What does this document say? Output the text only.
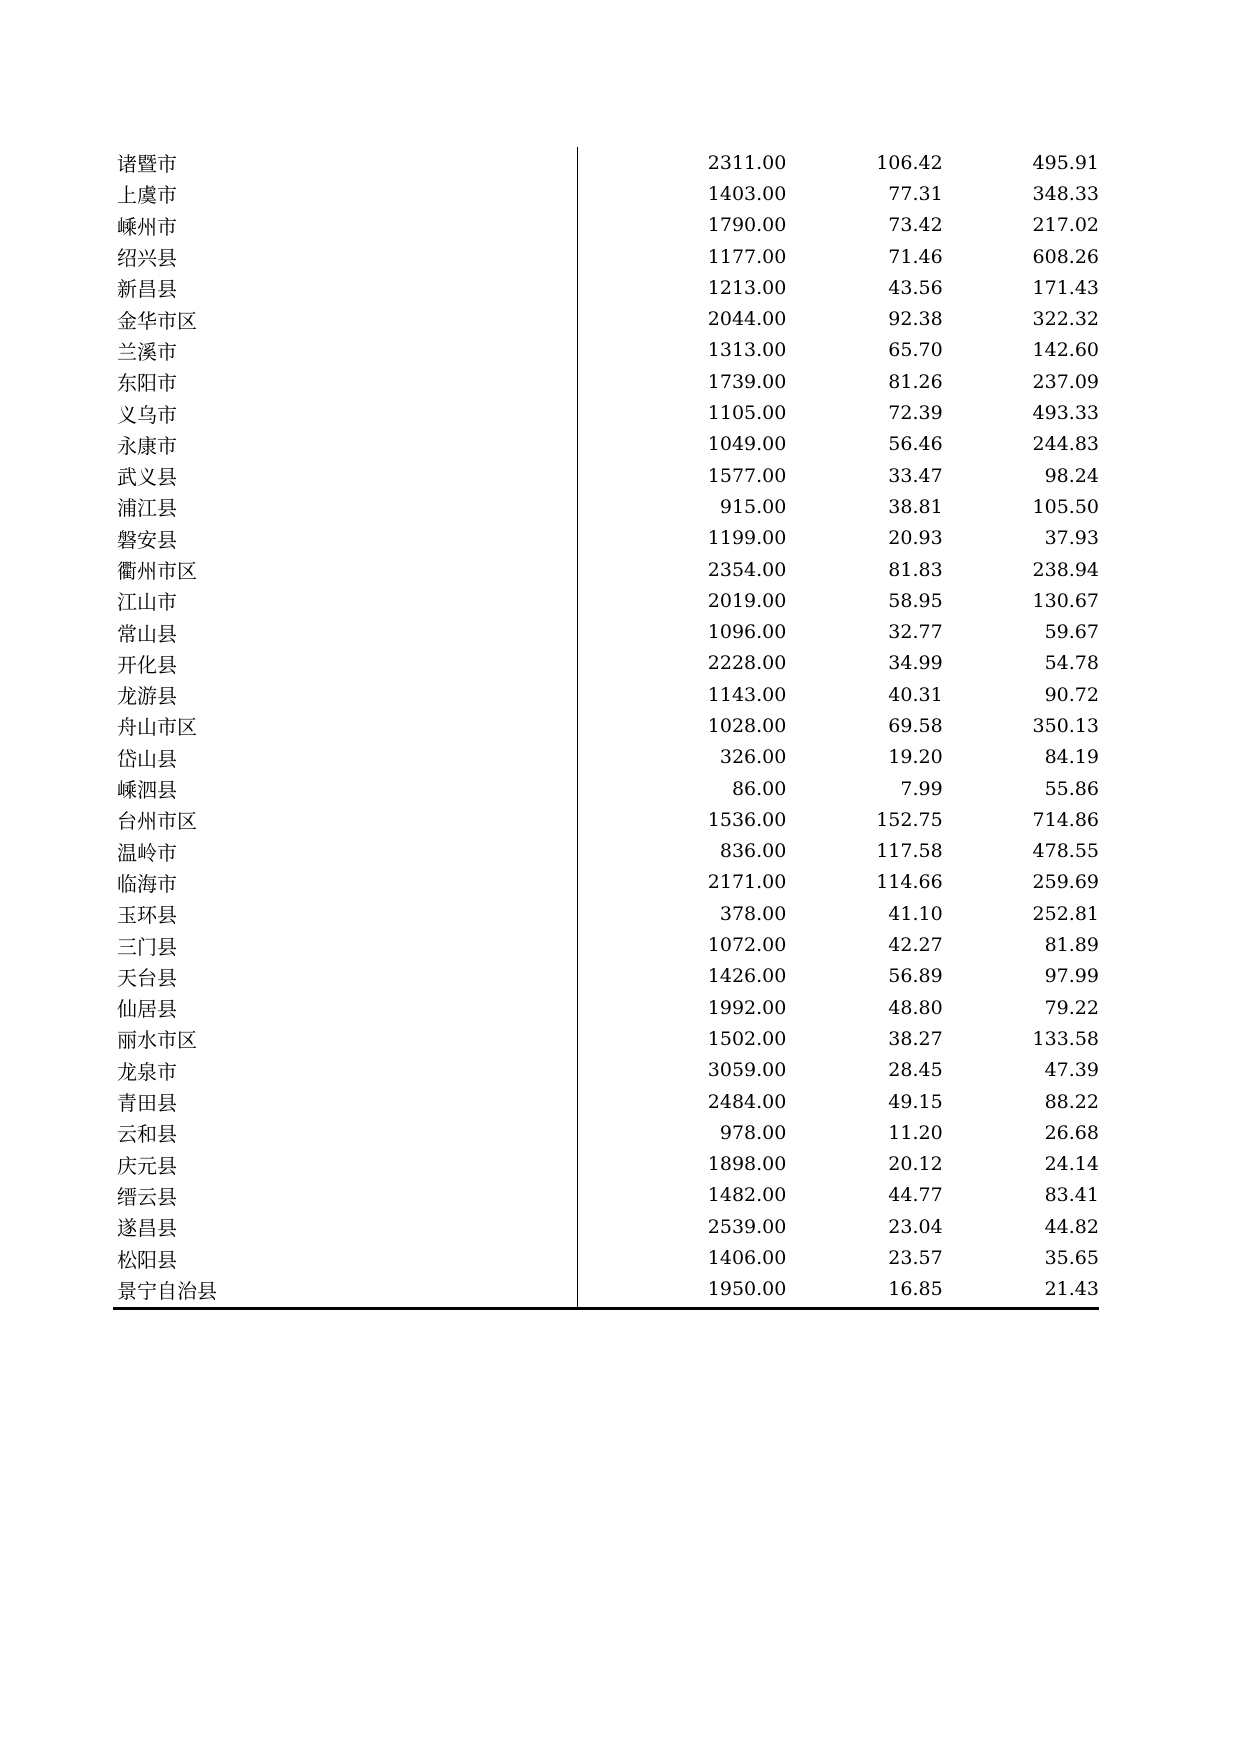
诸暨市	2311.00	106.42	495.91
上虞市	1403.00	77.31	348.33
嵊州市	1790.00	73.42	217.02
绍兴县	1177.00	71.46	608.26
新昌县	1213.00	43.56	171.43
金华市区	2044.00	92.38	322.32
兰溪市	1313.00	65.70	142.60
东阳市	1739.00	81.26	237.09
义乌市	1105.00	72.39	493.33
永康市	1049.00	56.46	244.83
武义县	1577.00	33.47	98.24
浦江县	915.00	38.81	105.50
磐安县	1199.00	20.93	37.93
衢州市区	2354.00	81.83	238.94
江山市	2019.00	58.95	130.67
常山县	1096.00	32.77	59.67
开化县	2228.00	34.99	54.78
龙游县	1143.00	40.31	90.72
舟山市区	1028.00	69.58	350.13
岱山县	326.00	19.20	84.19
嵊泗县	86.00	7.99	55.86
台州市区	1536.00	152.75	714.86
温岭市	836.00	117.58	478.55
临海市	2171.00	114.66	259.69
玉环县	378.00	41.10	252.81
三门县	1072.00	42.27	81.89
天台县	1426.00	56.89	97.99
仙居县	1992.00	48.80	79.22
丽水市区	1502.00	38.27	133.58
龙泉市	3059.00	28.45	47.39
青田县	2484.00	49.15	88.22
云和县	978.00	11.20	26.68
庆元县	1898.00	20.12	24.14
缙云县	1482.00	44.77	83.41
遂昌县	2539.00	23.04	44.82
松阳县	1406.00	23.57	35.65
景宁自治县	1950.00	16.85	21.43
